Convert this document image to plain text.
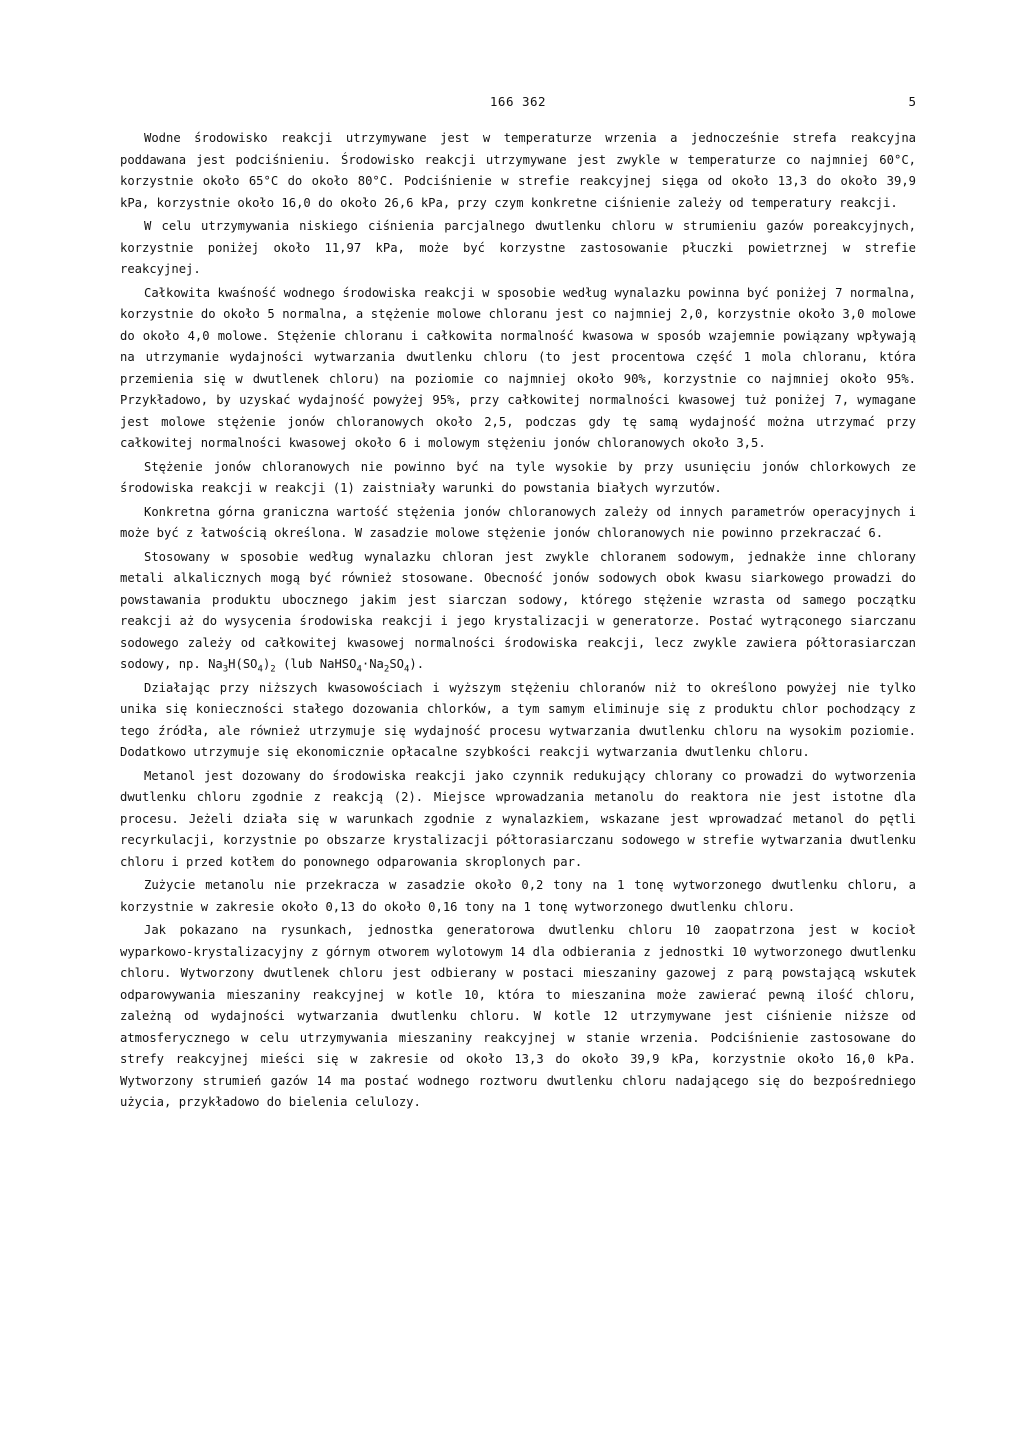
166 362	5

Wodne środowisko reakcji utrzymywane jest w temperaturze wrzenia a jednocześnie strefa reakcyjna poddawana jest podciśnieniu. Środowisko reakcji utrzymywane jest zwykle w temperaturze co najmniej 60°C, korzystnie około 65°C do około 80°C. Podciśnienie w strefie reakcyjnej sięga od około 13,3 do około 39,9 kPa, korzystnie około 16,0 do około 26,6 kPa, przy czym konkretne ciśnienie zależy od temperatury reakcji.

W celu utrzymywania niskiego ciśnienia parcjalnego dwutlenku chloru w strumieniu gazów poreakcyjnych, korzystnie poniżej około 11,97 kPa, może być korzystne zastosowanie płuczki powietrznej w strefie reakcyjnej.

Całkowita kwaśność wodnego środowiska reakcji w sposobie według wynalazku powinna być poniżej 7 normalna, korzystnie do około 5 normalna, a stężenie molowe chloranu jest co najmniej 2,0, korzystnie około 3,0 molowe do około 4,0 molowe. Stężenie chloranu i całkowita normalność kwasowa w sposób wzajemnie powiązany wpływają na utrzymanie wydajności wytwarzania dwutlenku chloru (to jest procentowa część 1 mola chloranu, która przemienia się w dwutlenek chloru) na poziomie co najmniej około 90%, korzystnie co najmniej około 95%. Przykładowo, by uzyskać wydajność powyżej 95%, przy całkowitej normalności kwasowej tuż poniżej 7, wymagane jest molowe stężenie jonów chloranowych około 2,5, podczas gdy tę samą wydajność można utrzymać przy całkowitej normalności kwasowej około 6 i molowym stężeniu jonów chloranowych około 3,5.

Stężenie jonów chloranowych nie powinno być na tyle wysokie by przy usunięciu jonów chlorkowych ze środowiska reakcji w reakcji (1) zaistniały warunki do powstania białych wyrzutów.

Konkretna górna graniczna wartość stężenia jonów chloranowych zależy od innych parametrów operacyjnych i może być z łatwością określona. W zasadzie molowe stężenie jonów chloranowych nie powinno przekraczać 6.

Stosowany w sposobie według wynalazku chloran jest zwykle chloranem sodowym, jednakże inne chlorany metali alkalicznych mogą być również stosowane. Obecność jonów sodowych obok kwasu siarkowego prowadzi do powstawania produktu ubocznego jakim jest siarczan sodowy, którego stężenie wzrasta od samego początku reakcji aż do wysycenia środowiska reakcji i jego krystalizacji w generatorze. Postać wytrąconego siarczanu sodowego zależy od całkowitej kwasowej normalności środowiska reakcji, lecz zwykle zawiera półtorasiarczan sodowy, np. $Na_3H(SO_4)_2$ (lub $NaHSO_4\cdot Na_2SO_4$).

Działając przy niższych kwasowościach i wyższym stężeniu chloranów niż to określono powyżej nie tylko unika się konieczności stałego dozowania chlorków, a tym samym eliminuje się z produktu chlor pochodzący z tego źródła, ale również utrzymuje się wydajność procesu wytwarzania dwutlenku chloru na wysokim poziomie. Dodatkowo utrzymuje się ekonomicznie opłacalne szybkości reakcji wytwarzania dwutlenku chloru.

Metanol jest dozowany do środowiska reakcji jako czynnik redukujący chlorany co prowadzi do wytworzenia dwutlenku chloru zgodnie z reakcją (2). Miejsce wprowadzania metanolu do reaktora nie jest istotne dla procesu. Jeżeli działa się w warunkach zgodnie z wynalazkiem, wskazane jest wprowadzać metanol do pętli recyrkulacji, korzystnie po obszarze krystalizacji półtorasiarczanu sodowego w strefie wytwarzania dwutlenku chloru i przed kotłem do ponownego odparowania skroplonych par.

Zużycie metanolu nie przekracza w zasadzie około 0,2 tony na 1 tonę wytworzonego dwutlenku chloru, a korzystnie w zakresie około 0,13 do około 0,16 tony na 1 tonę wytworzonego dwutlenku chloru.

Jak pokazano na rysunkach, jednostka generatorowa dwutlenku chloru 10 zaopatrzona jest w kocioł wyparkowo-krystalizacyjny z górnym otworem wylotowym 14 dla odbierania z jednostki 10 wytworzonego dwutlenku chloru. Wytworzony dwutlenek chloru jest odbierany w postaci mieszaniny gazowej z parą powstającą wskutek odparowywania mieszaniny reakcyjnej w kotle 10, która to mieszanina może zawierać pewną ilość chloru, zależną od wydajności wytwarzania dwutlenku chloru. W kotle 12 utrzymywane jest ciśnienie niższe od atmosferycznego w celu utrzymywania mieszaniny reakcyjnej w stanie wrzenia. Podciśnienie zastosowane do strefy reakcyjnej mieści się w zakresie od około 13,3 do około 39,9 kPa, korzystnie około 16,0 kPa. Wytworzony strumień gazów 14 ma postać wodnego roztworu dwutlenku chloru nadającego się do bezpośredniego użycia, przykładowo do bielenia celulozy.
